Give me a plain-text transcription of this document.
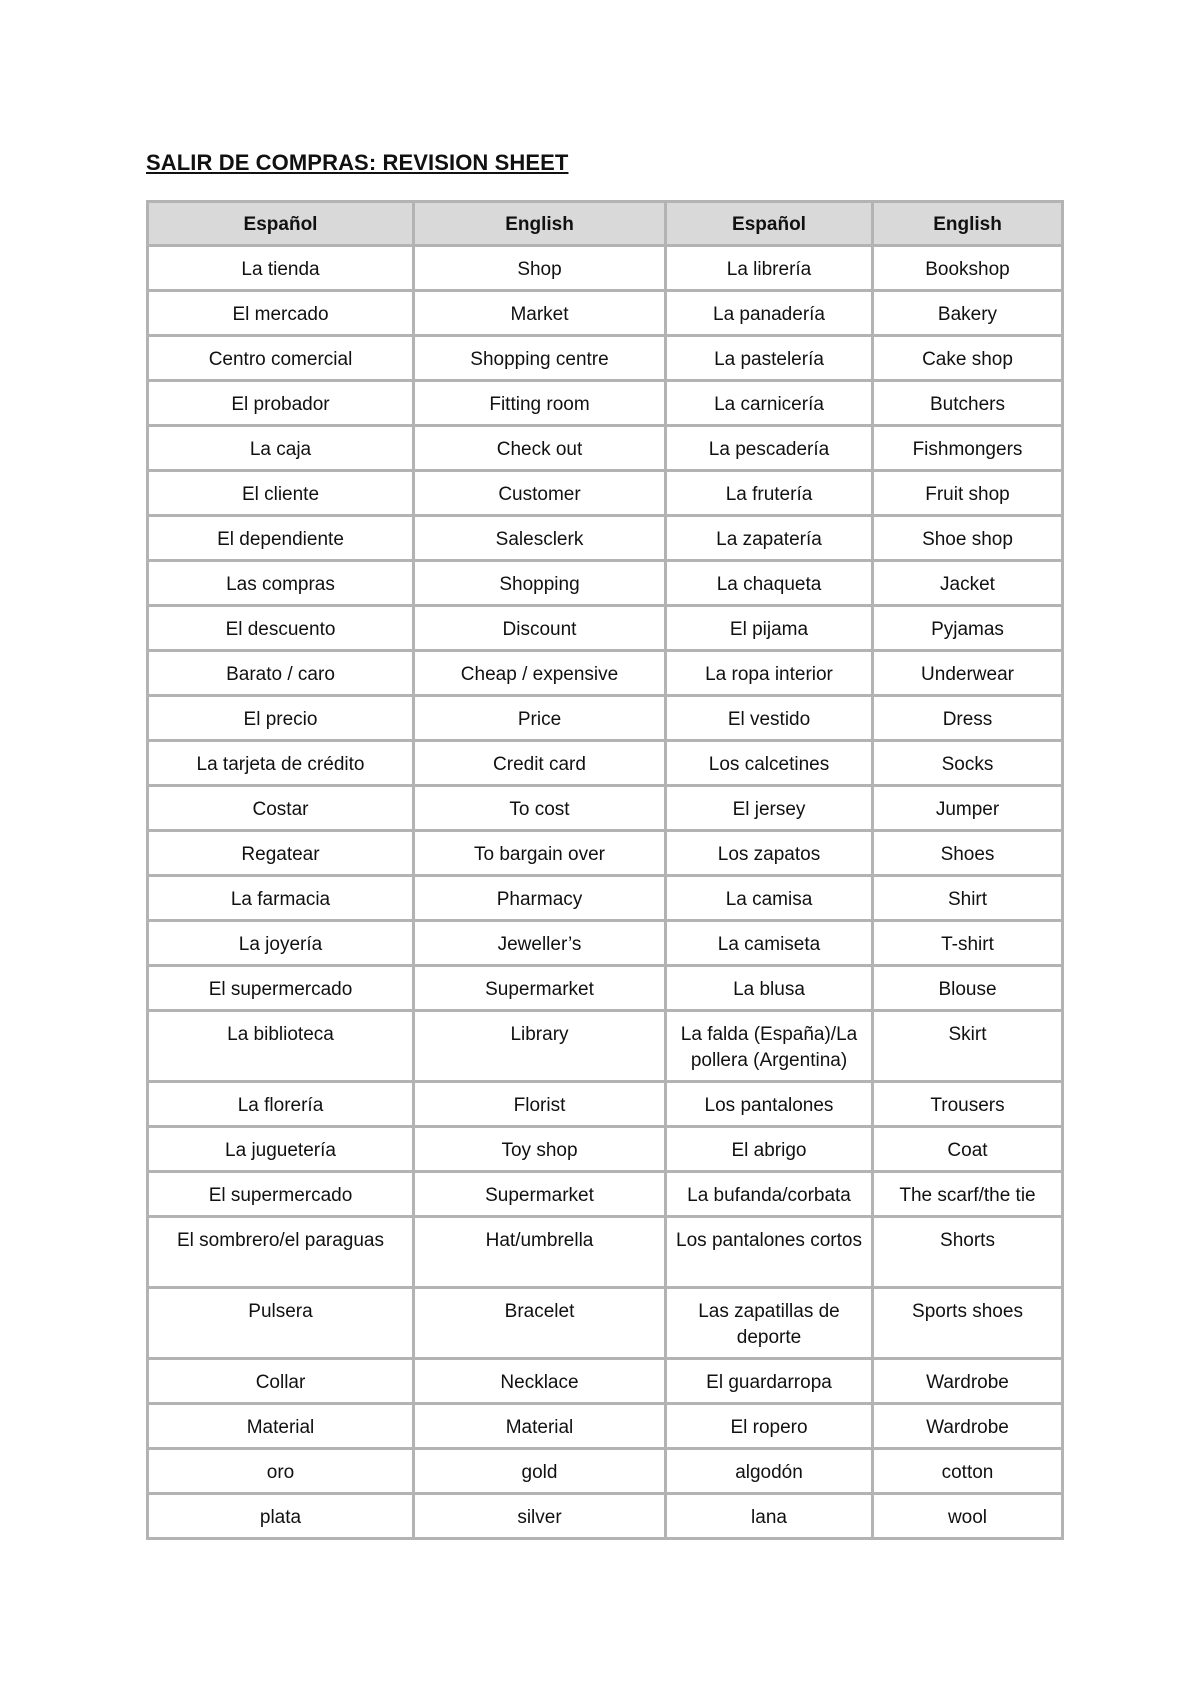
SALIR DE COMPRAS: REVISION SHEET
Español	English	Español	English
La tienda	Shop	La librería	Bookshop
El mercado	Market	La panadería	Bakery
Centro comercial	Shopping centre	La pastelería	Cake shop
El probador	Fitting room	La carnicería	Butchers
La caja	Check out	La pescadería	Fishmongers
El cliente	Customer	La frutería	Fruit shop
El dependiente	Salesclerk	La zapatería	Shoe shop
Las compras	Shopping	La chaqueta	Jacket
El descuento	Discount	El pijama	Pyjamas
Barato / caro	Cheap / expensive	La ropa interior	Underwear
El precio	Price	El vestido	Dress
La tarjeta de crédito	Credit card	Los calcetines	Socks
Costar	To cost	El jersey	Jumper
Regatear	To bargain over	Los zapatos	Shoes
La farmacia	Pharmacy	La camisa	Shirt
La joyería	Jeweller’s	La camiseta	T-shirt
El supermercado	Supermarket	La blusa	Blouse
La biblioteca	Library	La falda (España)/La pollera (Argentina)	Skirt
La florería	Florist	Los pantalones	Trousers
La juguetería	Toy shop	El abrigo	Coat
El supermercado	Supermarket	La bufanda/corbata	The scarf/the tie
El sombrero/el paraguas	Hat/umbrella	Los pantalones cortos	Shorts
Pulsera	Bracelet	Las zapatillas de deporte	Sports shoes
Collar	Necklace	El guardarropa	Wardrobe
Material	Material	El ropero	Wardrobe
oro	gold	algodón	cotton
plata	silver	lana	wool
